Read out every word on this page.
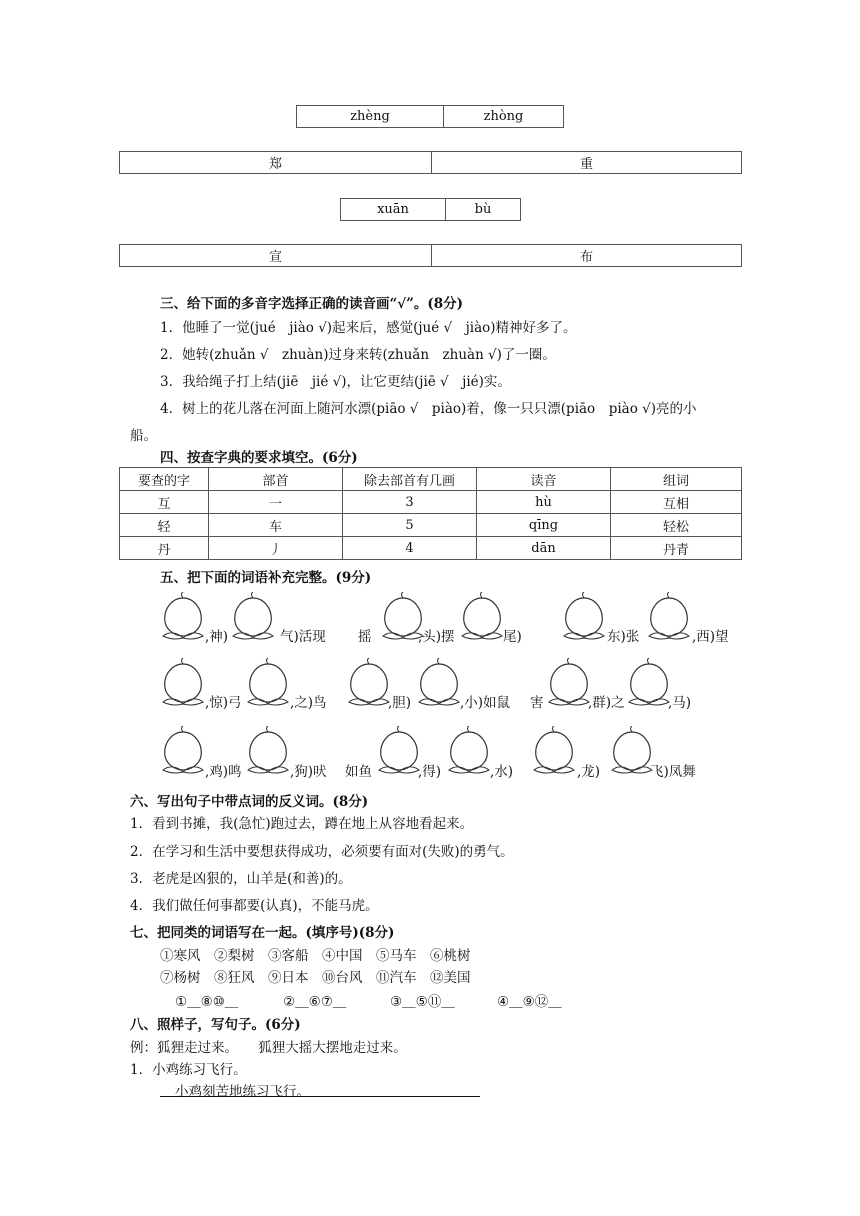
zhèng	zhòng
郑	重
xuān	bù
宣	布
三、给下面的多音字选择正确的读音画“√”。(8分)
1．他睡了一觉(jué　jiào √)起来后，感觉(jué √　jiào)精神好多了。
2．她转(zhuǎn √　zhuàn)过身来转(zhuǎn　zhuàn √)了一圈。
3．我给绳子打上结(jiē　jié √)，让它更结(jiē √　jié)实。
4．树上的花儿落在河面上随河水漂(piāo √　piào)着，像一只只漂(piāo　piào √)亮的小
船。
四、按查字典的要求填空。(6分)
要查的字	部首	除去部首有几画	读音	组词
互	一	3	hù	互相
轻	车	5	qīng	轻松
丹	丿	4	dān	丹青
五、把下面的词语补充完整。(9分)
,神)	气)活现 摇	,头)摆	尾)	东)张	,西)望
,惊)弓	,之)鸟	,胆)	,小)如鼠 害	,群)之	,马)
,鸡)鸣	,狗)吠 如鱼	,得)	,水)	,龙)	飞)凤舞
六、写出句子中带点词的反义词。(8分)
1．看到书摊，我(急忙)跑过去，蹲在地上从容地看起来。
2．在学习和生活中要想获得成功，必须要有面对(失败)的勇气。
3．老虎是凶狠的，山羊是(和善)的。
4．我们做任何事都要(认真)，不能马虎。
七、把同类的词语写在一起。(填序号)(8分)
①寒风　②梨树　③客船　④中国　⑤马车　⑥桃树
⑦杨树　⑧狂风　⑨日本　⑩台风　⑪汽车　⑫美国
①＿⑧⑩＿	②＿⑥⑦＿	③＿⑤⑪＿	④＿⑨⑫＿
八、照样子，写句子。(6分)
例：狐狸走过来。　　狐狸大摇大摆地走过来。
1．小鸡练习飞行。
小鸡刻苦地练习飞行。
